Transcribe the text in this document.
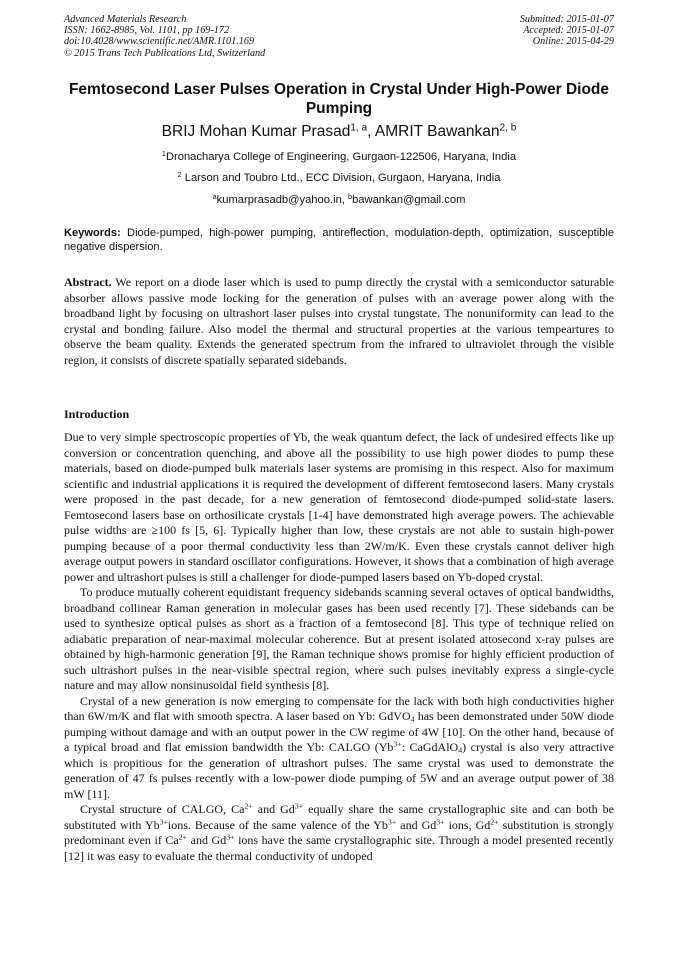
Advanced Materials Research
ISSN: 1662-8985, Vol. 1101, pp 169-172
doi:10.4028/www.scientific.net/AMR.1101.169
© 2015 Trans Tech Publications Ltd, Switzerland
Submitted: 2015-01-07
Accepted: 2015-01-07
Online: 2015-04-29
Femtosecond Laser Pulses Operation in Crystal Under High-Power Diode Pumping
BRIJ Mohan Kumar Prasad$^{1, a}$, AMRIT Bawankan$^{2, b}$
$^1$Dronacharya College of Engineering, Gurgaon-122506, Haryana, India
$^2$ Larson and Toubro Ltd., ECC Division, Gurgaon, Haryana, India
$^a$kumarprasadb@yahoo.in, $^b$bawankan@gmail.com
Keywords: Diode-pumped, high-power pumping, antireflection, modulation-depth, optimization, susceptible negative dispersion.
Abstract. We report on a diode laser which is used to pump directly the crystal with a semiconductor saturable absorber allows passive mode locking for the generation of pulses with an average power along with the broadband light by focusing on ultrashort laser pulses into crystal tungstate. The nonuniformity can lead to the crystal and bonding failure. Also model the thermal and structural properties at the various tempeartures to observe the beam quality. Extends the generated spectrum from the infrared to ultraviolet through the visible region, it consists of discrete spatially separated sidebands.
Introduction

Due to very simple spectroscopic properties of Yb, the weak quantum defect, the lack of undesired effects like up conversion or concentration quenching, and above all the possibility to use high power diodes to pump these materials, based on diode-pumped bulk materials laser systems are promising in this respect. Also for maximum scientific and industrial applications it is required the development of different femtosecond lasers. Many crystals were proposed in the past decade, for a new generation of femtosecond diode-pumped solid-state lasers. Femtosecond lasers base on orthosilicate crystals [1-4] have demonstrated high average powers. The achievable pulse widths are ≥100 fs [5, 6]. Typically higher than low, these crystals are not able to sustain high-power pumping because of a poor thermal conductivity less than 2W/m/K. Even these crystals cannot deliver high average output powers in standard oscillator configurations. However, it shows that a combination of high average power and ultrashort pulses is still a challenger for diode-pumped lasers based on Yb-doped crystal.

To produce mutually coherent equidistant frequency sidebands scanning several octaves of optical bandwidths, broadband collinear Raman generation in molecular gases has been used recently [7]. These sidebands can be used to synthesize optical pulses as short as a fraction of a femtosecond [8]. This type of technique relied on adiabatic preparation of near-maximal molecular coherence. But at present isolated attosecond x-ray pulses are obtained by high-harmonic generation [9], the Raman technique shows promise for highly efficient production of such ultrashort pulses in the near-visible spectral region, where such pulses inevitably express a single-cycle nature and may allow nonsinusoidal field synthesis [8].

Crystal of a new generation is now emerging to compensate for the lack with both high conductivities higher than 6W/m/K and flat with smooth spectra. A laser based on Yb: GdVO$_4$ has been demonstrated under 50W diode pumping without damage and with an output power in the CW regime of 4W [10]. On the other hand, because of a typical broad and flat emission bandwidth the Yb: CALGO ($Yb^{3+}$: CaGdAlO$_4$) crystal is also very attractive which is propitious for the generation of ultrashort pulses. The same crystal was used to demonstrate the generation of 47 fs pulses recently with a low-power diode pumping of 5W and an average output power of 38 mW [11].

Crystal structure of CALGO, $Ca^{2+}$ and $Gd^{3+}$ equally share the same crystallographic site and can both be substituted with $Yb^{3+}ions$. Because of the same valence of the $Yb^{3+}$ and $Gd^{3+}$ ions, $Gd^{2+}$ substitution is strongly predominant even if $Ca^{2+}$ and $Gd^{3+}$ ions have the same crystallographic site. Through a model presented recently [12] it was easy to evaluate the thermal conductivity of undoped
